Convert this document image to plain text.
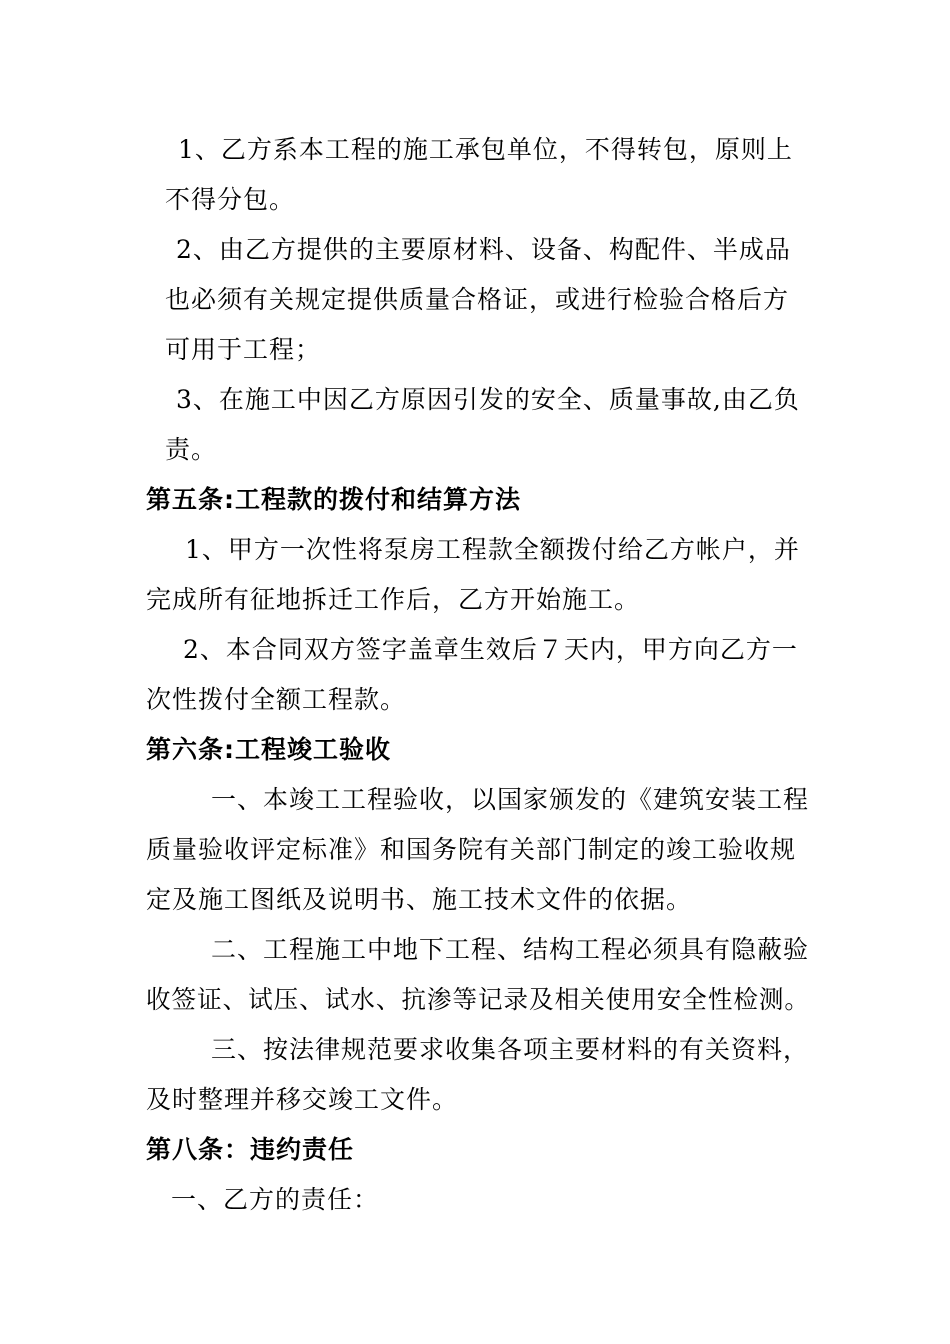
1、乙方系本工程的施工承包单位，不得转包，原则上
不得分包。
2、由乙方提供的主要原材料、设备、构配件、半成品
也必须有关规定提供质量合格证，或进行检验合格后方
可用于工程；
3、在施工中因乙方原因引发的安全、质量事故,由乙负
责。
第五条:工程款的拨付和结算方法
1、甲方一次性将泵房工程款全额拨付给乙方帐户，并
完成所有征地拆迁工作后，乙方开始施工。
2、本合同双方签字盖章生效后７天内，甲方向乙方一
次性拨付全额工程款。
第六条:工程竣工验收
一、本竣工工程验收，以国家颁发的《建筑安装工程
质量验收评定标准》和国务院有关部门制定的竣工验收规
定及施工图纸及说明书、施工技术文件的依据。
二、工程施工中地下工程、结构工程必须具有隐蔽验
收签证、试压、试水、抗渗等记录及相关使用安全性检测。
三、按法律规范要求收集各项主要材料的有关资料，
及时整理并移交竣工文件。
第八条：违约责任
一、乙方的责任：
